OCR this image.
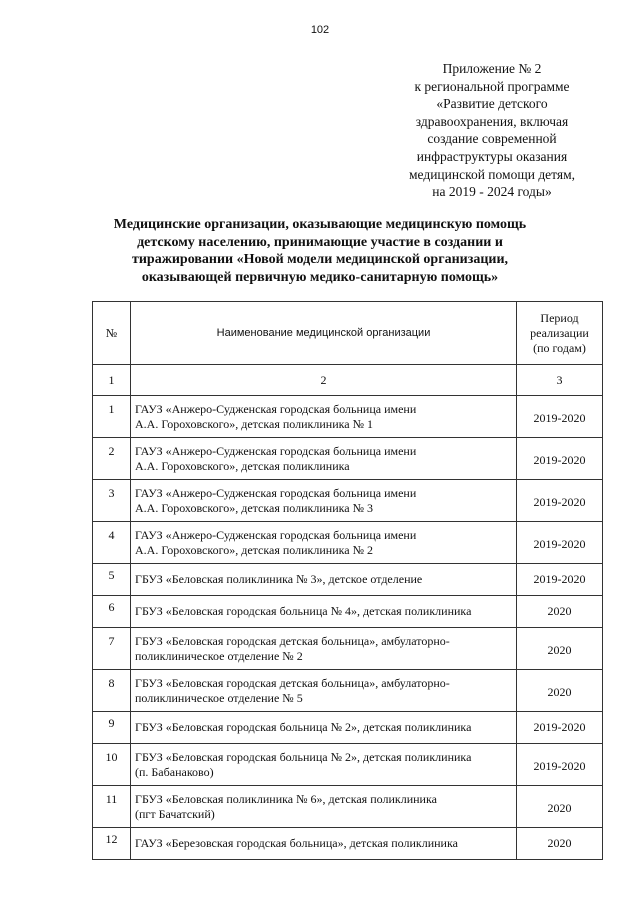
102
Приложение № 2
к региональной программе
«Развитие детского
здравоохранения, включая
создание современной
инфраструктуры оказания
медицинской помощи детям,
на 2019 - 2024 годы»
Медицинские организации, оказывающие медицинскую помощь
детскому населению, принимающие участие в создании и
тиражировании «Новой модели медицинской организации,
оказывающей первичную медико-санитарную помощь»
№	Наименование медицинской организации	Период
реализации
(по годам)

1	2	3
1	ГАУЗ «Анжеро-Судженская городская больница имени
А.А. Гороховского», детская поликлиника № 1	2019-2020
2	ГАУЗ «Анжеро-Судженская городская больница имени
А.А. Гороховского», детская поликлиника	2019-2020
3	ГАУЗ «Анжеро-Судженская городская больница имени
А.А. Гороховского», детская поликлиника № 3	2019-2020
4	ГАУЗ «Анжеро-Судженская городская больница имени
А.А. Гороховского», детская поликлиника № 2	2019-2020
5	ГБУЗ «Беловская поликлиника № 3», детское отделение	2019-2020
6	ГБУЗ «Беловская городская больница № 4», детская поликлиника	2020
7	ГБУЗ «Беловская городская детская больница», амбулаторно-
поликлиническое отделение № 2	2020
8	ГБУЗ «Беловская городская детская больница», амбулаторно-
поликлиническое отделение № 5	2020
9	ГБУЗ «Беловская городская больница № 2», детская поликлиника	2019-2020
10	ГБУЗ «Беловская городская больница № 2», детская поликлиника
(п. Бабанаково)	2019-2020
11	ГБУЗ «Беловская поликлиника № 6», детская поликлиника
(пгт Бачатский)	2020
12	ГАУЗ «Березовская городская больница», детская поликлиника	2020
